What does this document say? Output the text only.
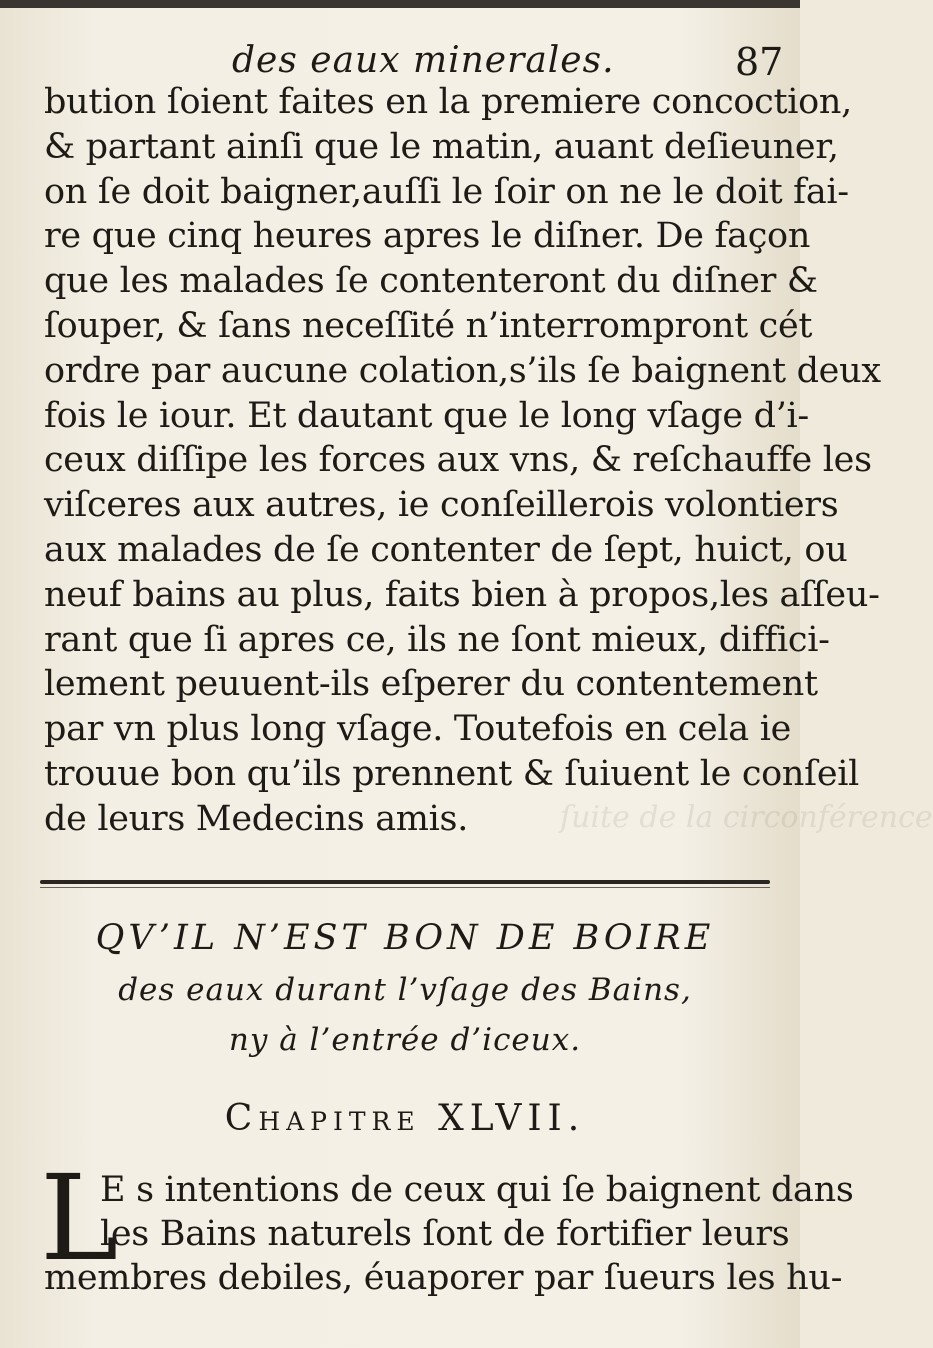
ſuite de la circonférence
des eaux minerales.	87
bution ſoient faites en la premiere concoction,
& partant ainſi que le matin, auant deſieuner,
on ſe doit baigner,auſſi le ſoir on ne le doit fai-
re que cinq heures apres le diſner. De façon
que les malades ſe contenteront du diſner &
ſouper, & ſans neceſſité n’interrompront cét
ordre par aucune colation,s’ils ſe baignent deux
fois le iour. Et dautant que le long vſage d’i-
ceux diſſipe les forces aux vns, & reſchauffe les
viſceres aux autres, ie conſeillerois volontiers
aux malades de ſe contenter de ſept, huict, ou
neuf bains au plus, faits bien à propos,les aſſeu-
rant que ſi apres ce, ils ne ſont mieux, diffici-
lement peuuent-ils eſperer du contentement
par vn plus long vſage. Toutefois en cela ie
trouue bon qu’ils prennent & ſuiuent le conſeil
de leurs Medecins amis.
QV’IL N’EST BON DE BOIRE
des eaux durant l’vſage des Bains,
ny à l’entrée d’iceux.
Chapitre XLVII.
L
E s intentions de ceux qui ſe baignent dans
les Bains naturels ſont de fortifier leurs
membres debiles, éuaporer par ſueurs les hu-
